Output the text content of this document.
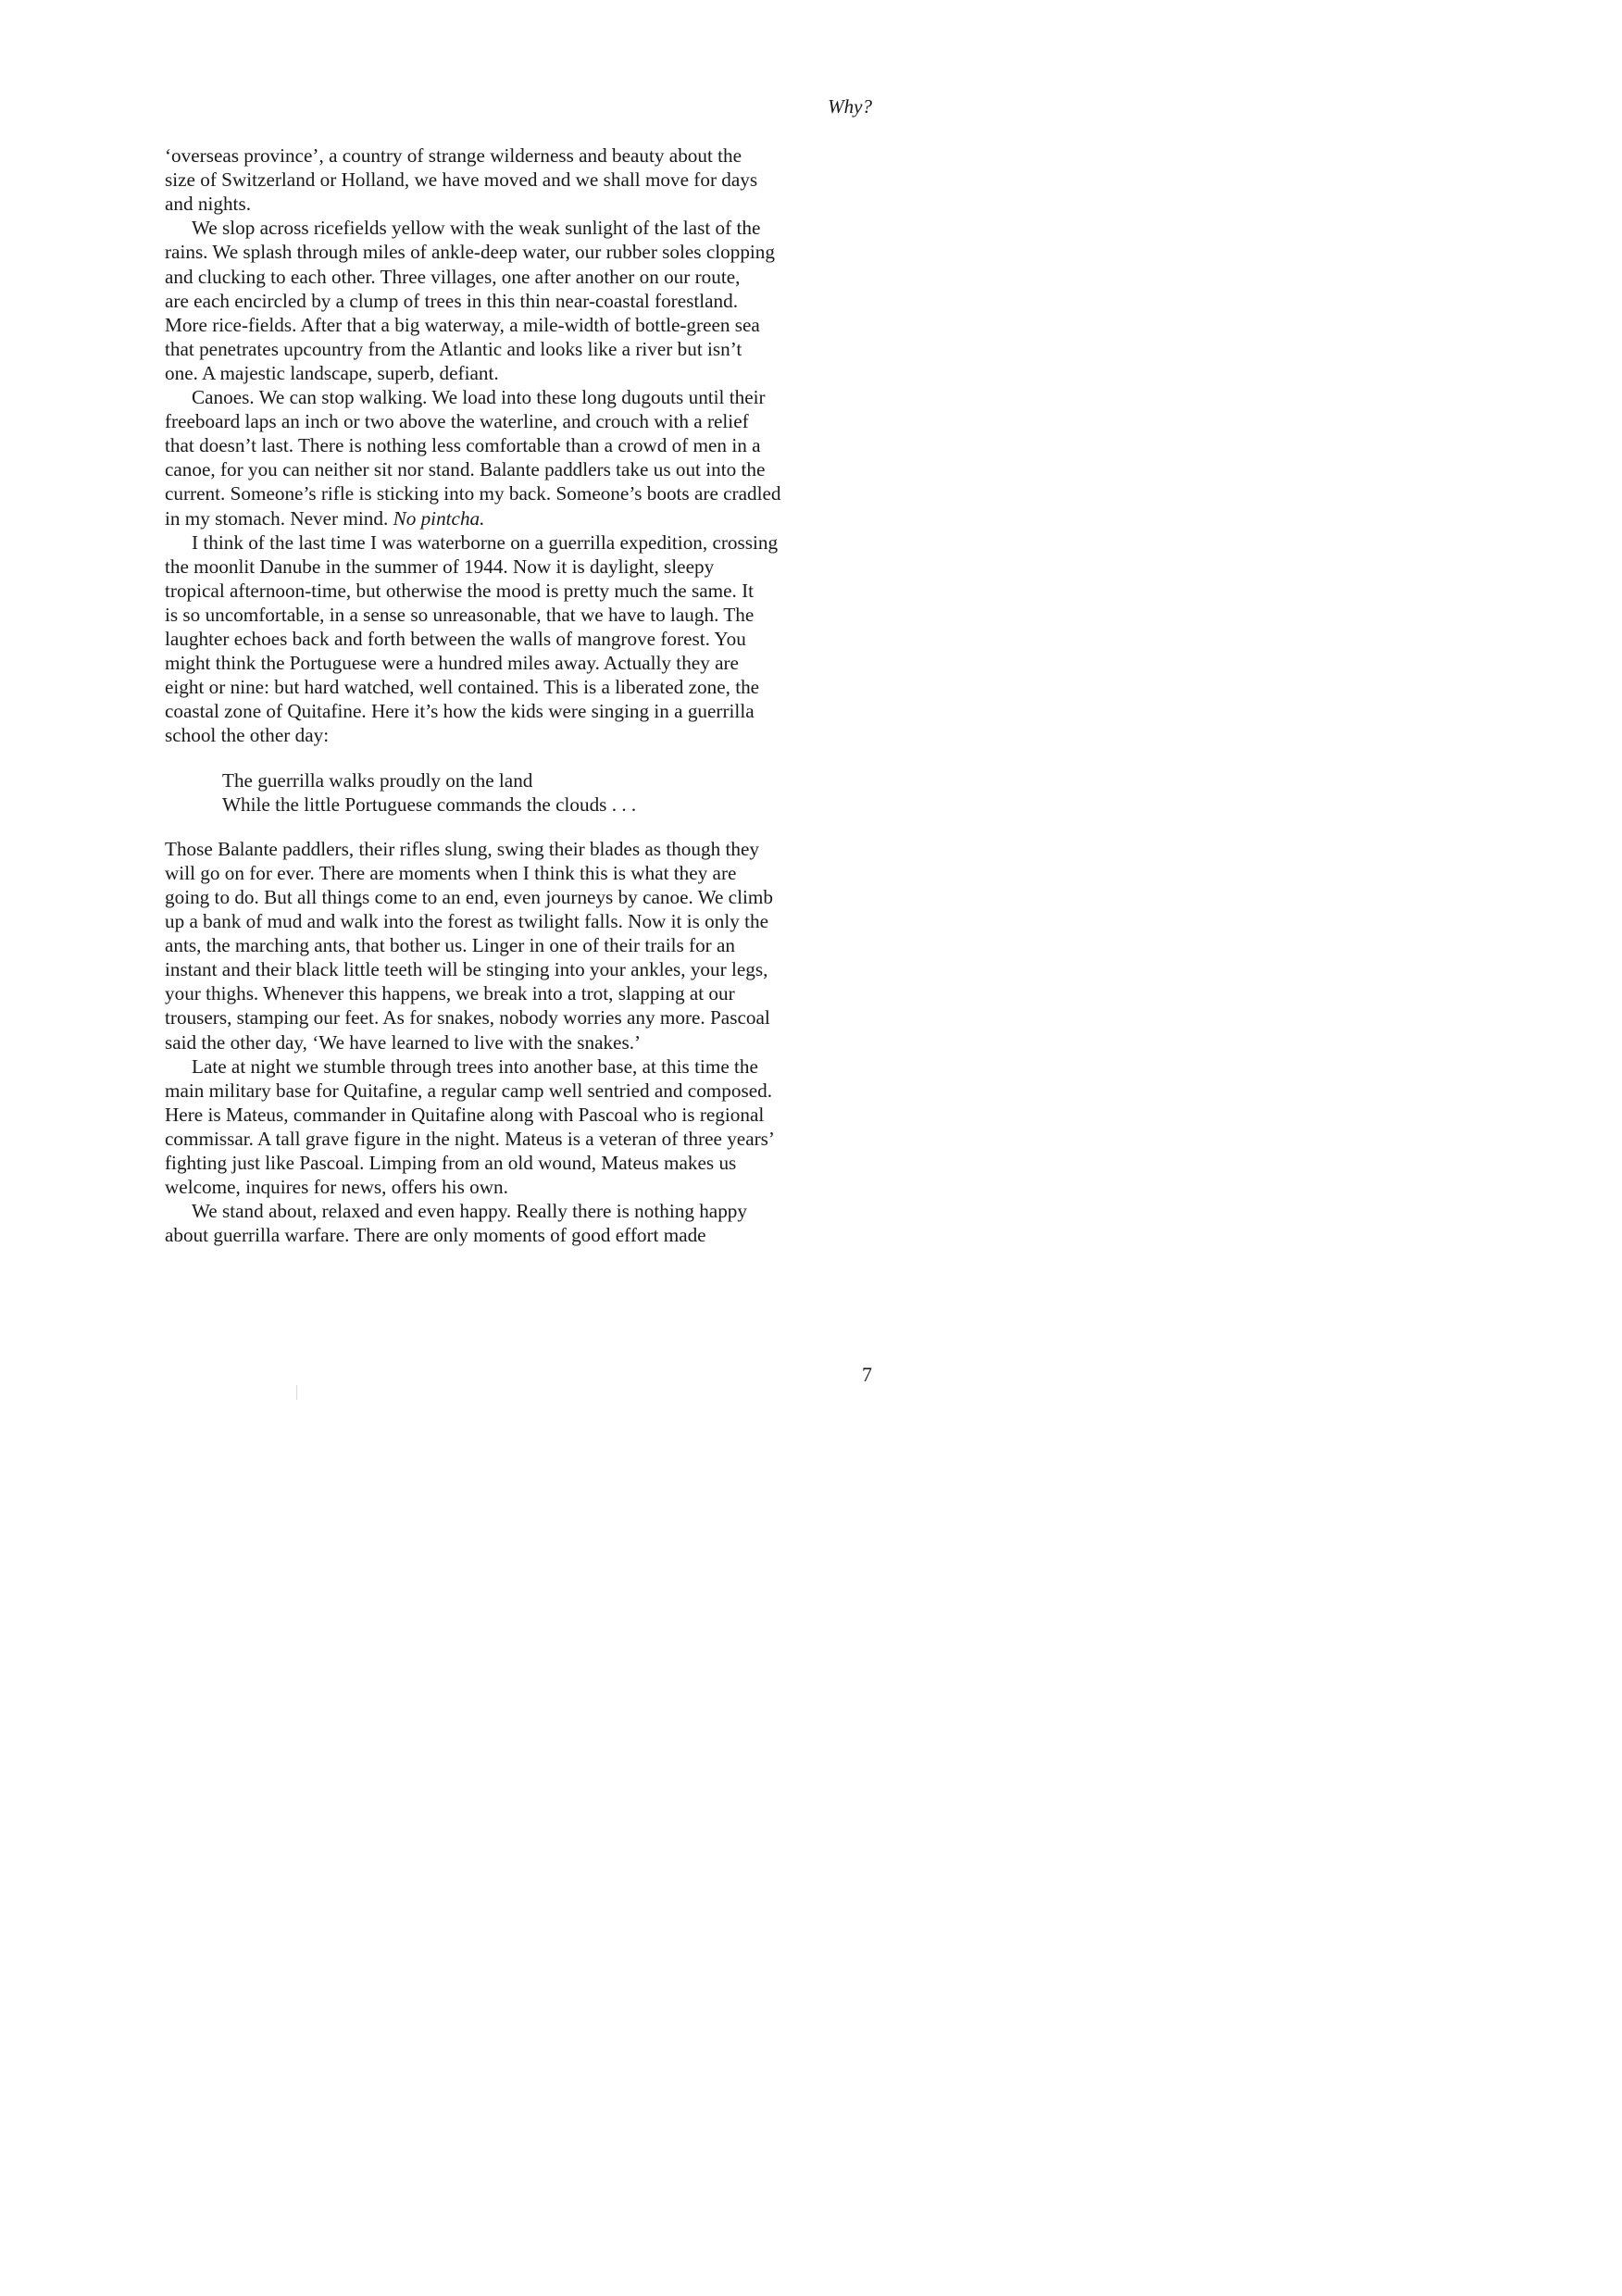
Why?
‘overseas province’, a country of strange wilderness and beauty about the
size of Switzerland or Holland, we have moved and we shall move for days
and nights.
We slop across ricefields yellow with the weak sunlight of the last of the
rains. We splash through miles of ankle-deep water, our rubber soles clopping
and clucking to each other. Three villages, one after another on our route,
are each encircled by a clump of trees in this thin near-coastal forestland.
More rice-fields. After that a big waterway, a mile-width of bottle-green sea
that penetrates upcountry from the Atlantic and looks like a river but isn’t
one. A majestic landscape, superb, defiant.
Canoes. We can stop walking. We load into these long dugouts until their
freeboard laps an inch or two above the waterline, and crouch with a relief
that doesn’t last. There is nothing less comfortable than a crowd of men in a
canoe, for you can neither sit nor stand. Balante paddlers take us out into the
current. Someone’s rifle is sticking into my back. Someone’s boots are cradled
in my stomach. Never mind. No pintcha.
I think of the last time I was waterborne on a guerrilla expedition, crossing
the moonlit Danube in the summer of 1944. Now it is daylight, sleepy
tropical afternoon-time, but otherwise the mood is pretty much the same. It
is so uncomfortable, in a sense so unreasonable, that we have to laugh. The
laughter echoes back and forth between the walls of mangrove forest. You
might think the Portuguese were a hundred miles away. Actually they are
eight or nine: but hard watched, well contained. This is a liberated zone, the
coastal zone of Quitafine. Here it’s how the kids were singing in a guerrilla
school the other day:
The guerrilla walks proudly on the land
While the little Portuguese commands the clouds . . .
Those Balante paddlers, their rifles slung, swing their blades as though they
will go on for ever. There are moments when I think this is what they are
going to do. But all things come to an end, even journeys by canoe. We climb
up a bank of mud and walk into the forest as twilight falls. Now it is only the
ants, the marching ants, that bother us. Linger in one of their trails for an
instant and their black little teeth will be stinging into your ankles, your legs,
your thighs. Whenever this happens, we break into a trot, slapping at our
trousers, stamping our feet. As for snakes, nobody worries any more. Pascoal
said the other day, ‘We have learned to live with the snakes.’
Late at night we stumble through trees into another base, at this time the
main military base for Quitafine, a regular camp well sentried and composed.
Here is Mateus, commander in Quitafine along with Pascoal who is regional
commissar. A tall grave figure in the night. Mateus is a veteran of three years’
fighting just like Pascoal. Limping from an old wound, Mateus makes us
welcome, inquires for news, offers his own.
We stand about, relaxed and even happy. Really there is nothing happy
about guerrilla warfare. There are only moments of good effort made
7
